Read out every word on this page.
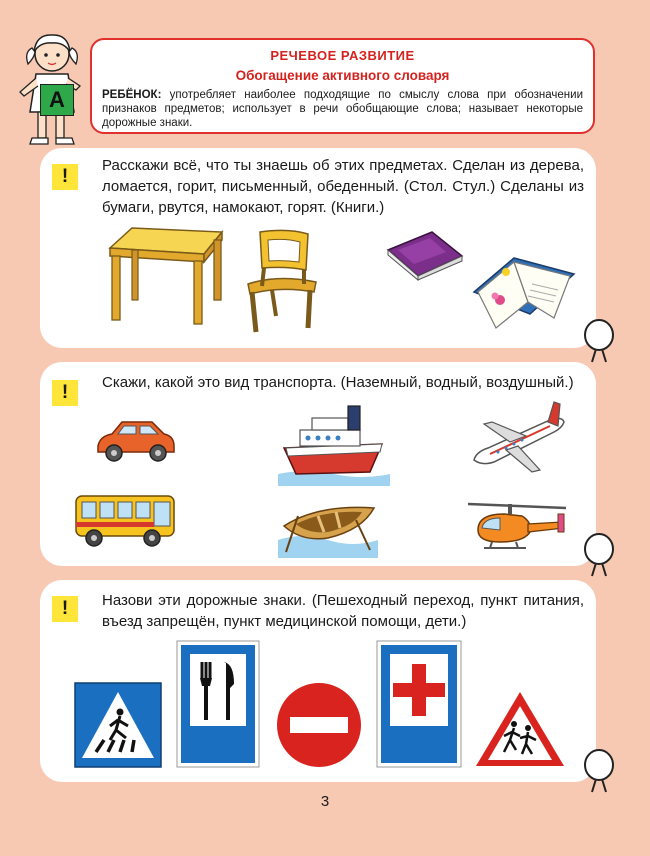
А
РЕЧЕВОЕ РАЗВИТИЕ
Обогащение активного словаря
РЕБЁНОК: употребляет наиболее подходящие по смыслу слова при обозначении признаков предметов; использует в речи обобщающие слова; называет некоторые дорожные знаки.
!
Расскажи всё, что ты знаешь об этих предметах. Сделан из дерева, ломается, горит, письменный, обеденный. (Стол. Стул.) Сделаны из бумаги, рвутся, намокают, горят. (Книги.)
!	Скажи, какой это вид транспорта. (Наземный, водный, воздушный.)
!	Назови эти дорожные знаки. (Пешеходный переход, пункт питания, въезд запрещён, пункт медицинской помощи, дети.)
3
